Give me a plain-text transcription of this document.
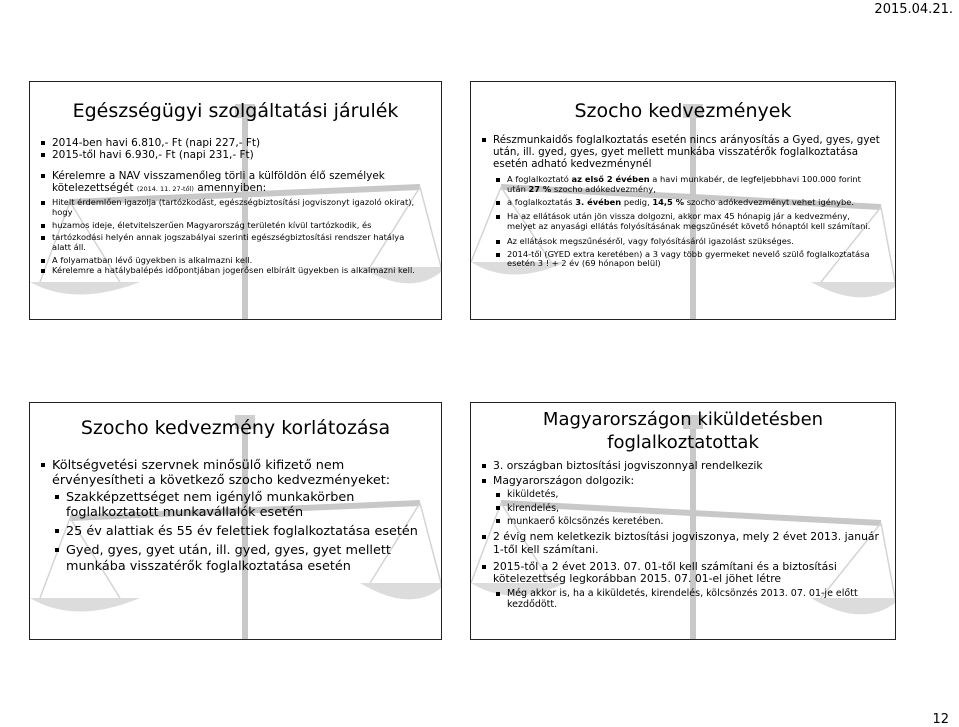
2015.04.21.
Egészségügyi szolgáltatási járulék
2014-ben havi 6.810,- Ft (napi 227,- Ft)
2015-től havi 6.930,- Ft (napi 231,- Ft)
Kérelemre a NAV visszamenőleg törli a külföldön élő személyek kötelezettségét (2014. 11. 27-től) amennyiben:
Hitelt érdemlően igazolja (tartózkodást, egészségbiztosítási jogviszonyt igazoló okirat), hogy
huzamos ideje, életvitelszerűen Magyarország területén kívül tartózkodik, és
tartózkodási helyén annak jogszabályai szerinti egészségbiztosítási rendszer hatálya alatt áll.
A folyamatban lévő ügyekben is alkalmazni kell.
Kérelemre a hatálybalépés időpontjában jogerősen elbírált ügyekben is alkalmazni kell.
Szocho kedvezmények
Részmunkaidős foglalkoztatás esetén nincs arányosítás a Gyed, gyes, gyet után, ill. gyed, gyes, gyet mellett munkába visszatérők foglalkoztatása esetén adható kedvezménynél
A foglalkoztató az első 2 évében a havi munkabér, de legfeljebbhavi 100.000 forint után 27 % szocho adókedvezmény,
a foglalkoztatás 3. évében pedig, 14,5 % szocho adókedvezményt vehet igénybe.
Ha az ellátások után jön vissza dolgozni, akkor max 45 hónapig jár a kedvezmény, melyet az anyasági ellátás folyósításának megszűnését követő hónaptól kell számítani.
Az ellátások megszűnéséről, vagy folyósításáról igazolást szükséges.
2014-től (GYED extra keretében) a 3 vagy több gyermeket nevelő szülő foglalkoztatása esetén 3 ! + 2 év (69 hónapon belül)
Szocho kedvezmény korlátozása
Költségvetési szervnek minősülő kifizető nem érvényesítheti a következő szocho kedvezményeket:
Szakképzettséget nem igénylő munkakörben foglalkoztatott munkavállalók esetén
25 év alattiak és 55 év felettiek foglalkoztatása esetén
Gyed, gyes, gyet után, ill. gyed, gyes, gyet mellett munkába visszatérők foglalkoztatása esetén
Magyarországon kiküldetésben foglalkoztatottak
3. országban biztosítási jogviszonnyal rendelkezik
Magyarországon dolgozik:
kiküldetés,
kirendelés,
munkaerő kölcsönzés keretében.
2 évig nem keletkezik biztosítási jogviszonya, mely 2 évet 2013. január 1-től kell számítani.
2015-től a 2 évet 2013. 07. 01-től kell számítani és a biztosítási kötelezettség legkorábban 2015. 07. 01-el jöhet létre
Még akkor is, ha a kiküldetés, kirendelés, kölcsönzés 2013. 07. 01-je előtt kezdődött.
12
